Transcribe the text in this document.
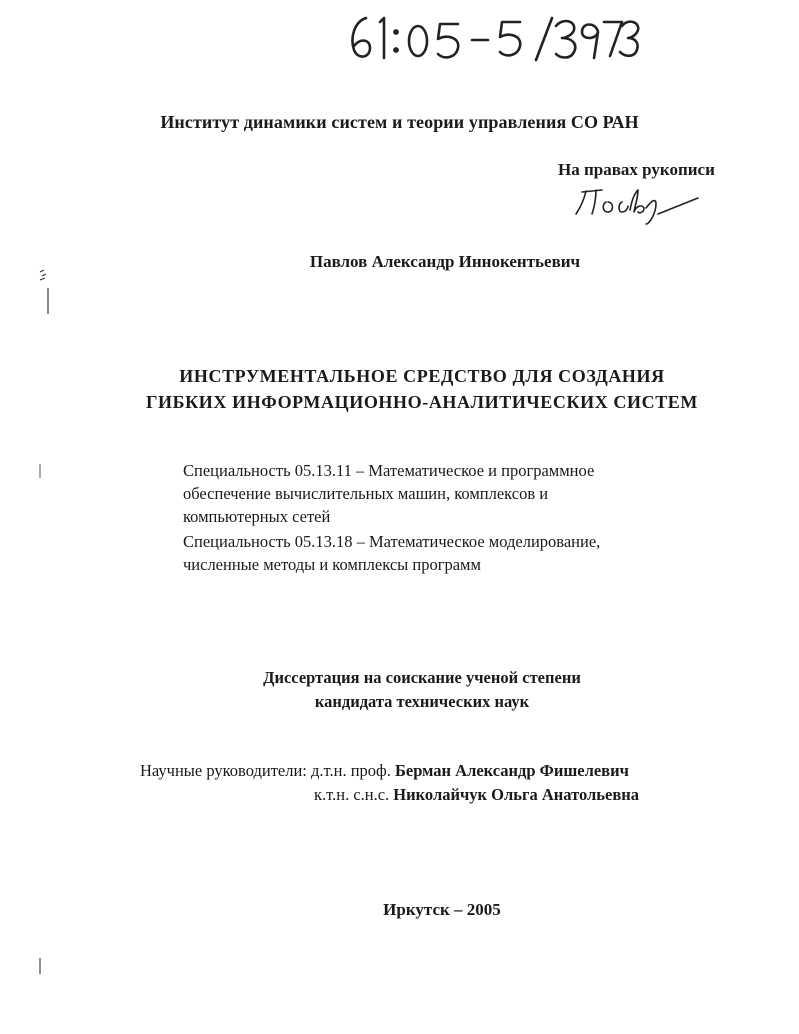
Институт динамики систем и теории управления СО РАН
На правах рукописи
Павлов Александр Иннокентьевич
ИНСТРУМЕНТАЛЬНОЕ СРЕДСТВО ДЛЯ СОЗДАНИЯ
ГИБКИХ ИНФОРМАЦИОННО-АНАЛИТИЧЕСКИХ СИСТЕМ
Специальность 05.13.11 – Математическое и программное
обеспечение вычислительных машин, комплексов и
компьютерных сетей
Специальность 05.13.18 – Математическое моделирование,
численные методы и комплексы программ
Диссертация на соискание ученой степени
кандидата технических наук
Научные руководители: д.т.н. проф. Берман Александр Фишелевич
к.т.н. с.н.с. Николайчук Ольга Анатольевна
Иркутск – 2005
